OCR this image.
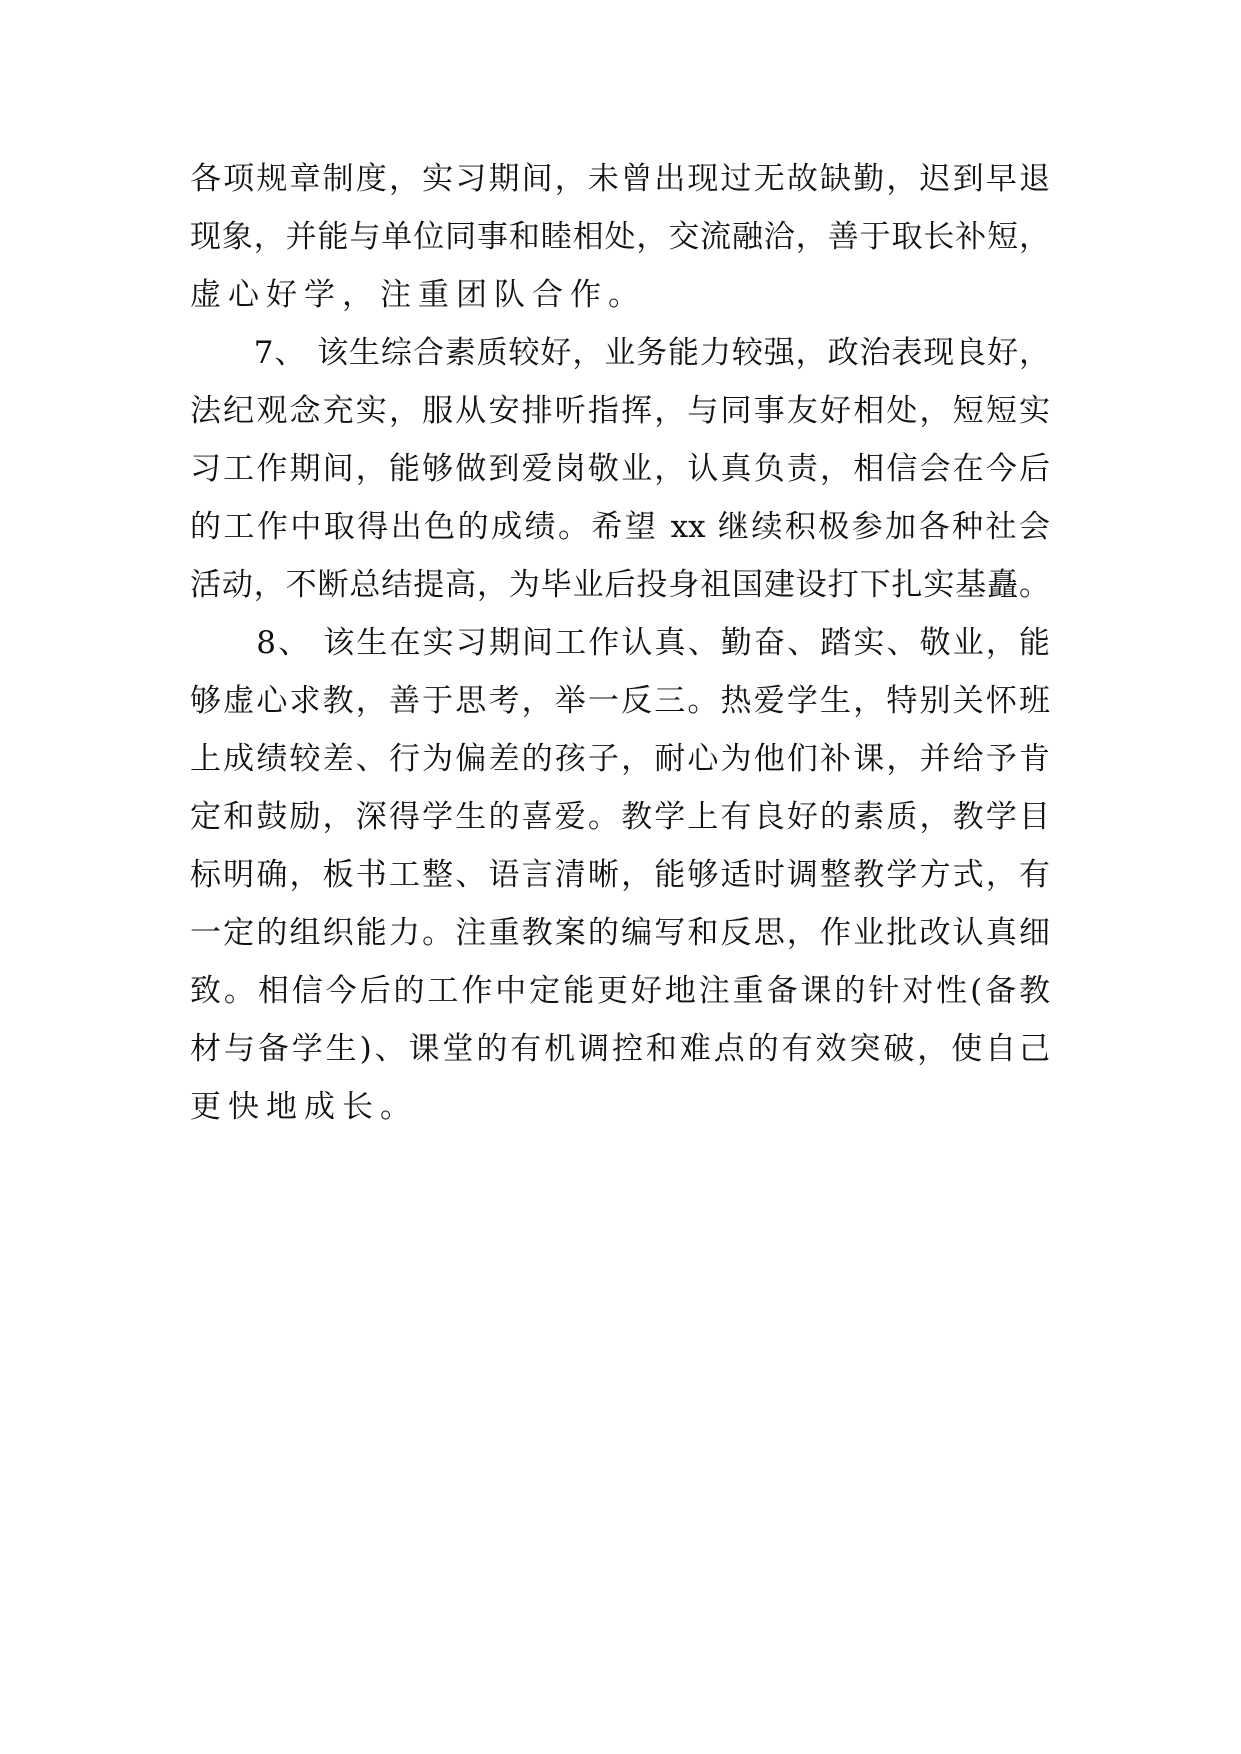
各项规章制度，实习期间，未曾出现过无故缺勤，迟到早退
现象，并能与单位同事和睦相处，交流融洽，善于取长补短，
虚心好学，注重团队合作。
　　7、 该生综合素质较好，业务能力较强，政治表现良好，
法纪观念充实，服从安排听指挥，与同事友好相处，短短实
习工作期间，能够做到爱岗敬业，认真负责，相信会在今后
的工作中取得出色的成绩。希望 xx 继续积极参加各种社会
活动，不断总结提高，为毕业后投身祖国建设打下扎实基矗。
　　8、 该生在实习期间工作认真、勤奋、踏实、敬业，能
够虚心求教，善于思考，举一反三。热爱学生，特别关怀班
上成绩较差、行为偏差的孩子，耐心为他们补课，并给予肯
定和鼓励，深得学生的喜爱。教学上有良好的素质，教学目
标明确，板书工整、语言清晰，能够适时调整教学方式，有
一定的组织能力。注重教案的编写和反思，作业批改认真细
致。相信今后的工作中定能更好地注重备课的针对性(备教
材与备学生)、课堂的有机调控和难点的有效突破，使自己
更快地成长。
